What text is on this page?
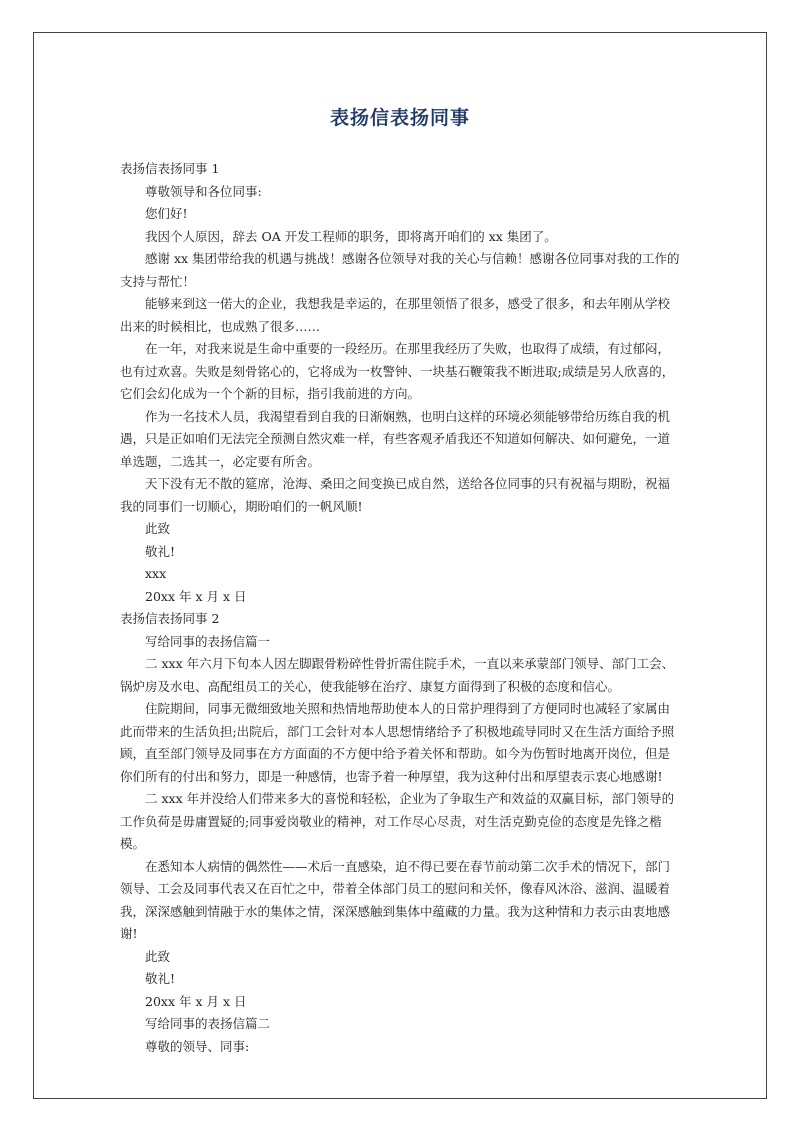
表扬信表扬同事

表扬信表扬同事 1

尊敬领导和各位同事:

您们好!

我因个人原因，辞去 OA 开发工程师的职务，即将离开咱们的 xx 集团了。

感谢 xx 集团带给我的机遇与挑战！感谢各位领导对我的关心与信赖！感谢各位同事对我的工作的支持与帮忙！

能够来到这一偌大的企业，我想我是幸运的，在那里领悟了很多，感受了很多，和去年刚从学校出来的时候相比，也成熟了很多……

在一年，对我来说是生命中重要的一段经历。在那里我经历了失败，也取得了成绩，有过郁闷，也有过欢喜。失败是刻骨铭心的，它将成为一枚警钟、一块基石鞭策我不断进取;成绩是另人欣喜的，它们会幻化成为一个个新的目标，指引我前进的方向。

作为一名技术人员，我渴望看到自我的日渐娴熟，也明白这样的环境必须能够带给历练自我的机遇，只是正如咱们无法完全预测自然灾难一样，有些客观矛盾我还不知道如何解决、如何避免，一道单选题，二选其一，必定要有所舍。

天下没有无不散的筵席，沧海、桑田之间变换已成自然，送给各位同事的只有祝福与期盼，祝福我的同事们一切顺心，期盼咱们的一帆风顺!

此致

敬礼!

xxx

20xx 年 x 月 x 日

表扬信表扬同事 2

写给同事的表扬信篇一

二 xxx 年六月下旬本人因左脚跟骨粉碎性骨折需住院手术，一直以来承蒙部门领导、部门工会、锅炉房及水电、高配组员工的关心，使我能够在治疗、康复方面得到了积极的态度和信心。

住院期间，同事无微细致地关照和热情地帮助使本人的日常护理得到了方便同时也减轻了家属由此而带来的生活负担;出院后，部门工会针对本人思想情绪给予了积极地疏导同时又在生活方面给予照顾，直至部门领导及同事在方方面面的不方便中给予着关怀和帮助。如今为伤暂时地离开岗位，但是你们所有的付出和努力，即是一种感情，也寄予着一种厚望，我为这种付出和厚望表示衷心地感谢!

二 xxx 年并没给人们带来多大的喜悦和轻松，企业为了争取生产和效益的双赢目标，部门领导的工作负荷是毋庸置疑的;同事爱岗敬业的精神，对工作尽心尽责，对生活克勤克俭的态度是先锋之楷模。

在悉知本人病情的偶然性——术后一直感染，迫不得已要在春节前动第二次手术的情况下，部门领导、工会及同事代表又在百忙之中，带着全体部门员工的慰问和关怀，像春风沐浴、滋润、温暖着我，深深感触到情融于水的集体之情，深深感触到集体中蕴藏的力量。我为这种情和力表示由衷地感谢!

此致

敬礼!

20xx 年 x 月 x 日

写给同事的表扬信篇二

尊敬的领导、同事:
